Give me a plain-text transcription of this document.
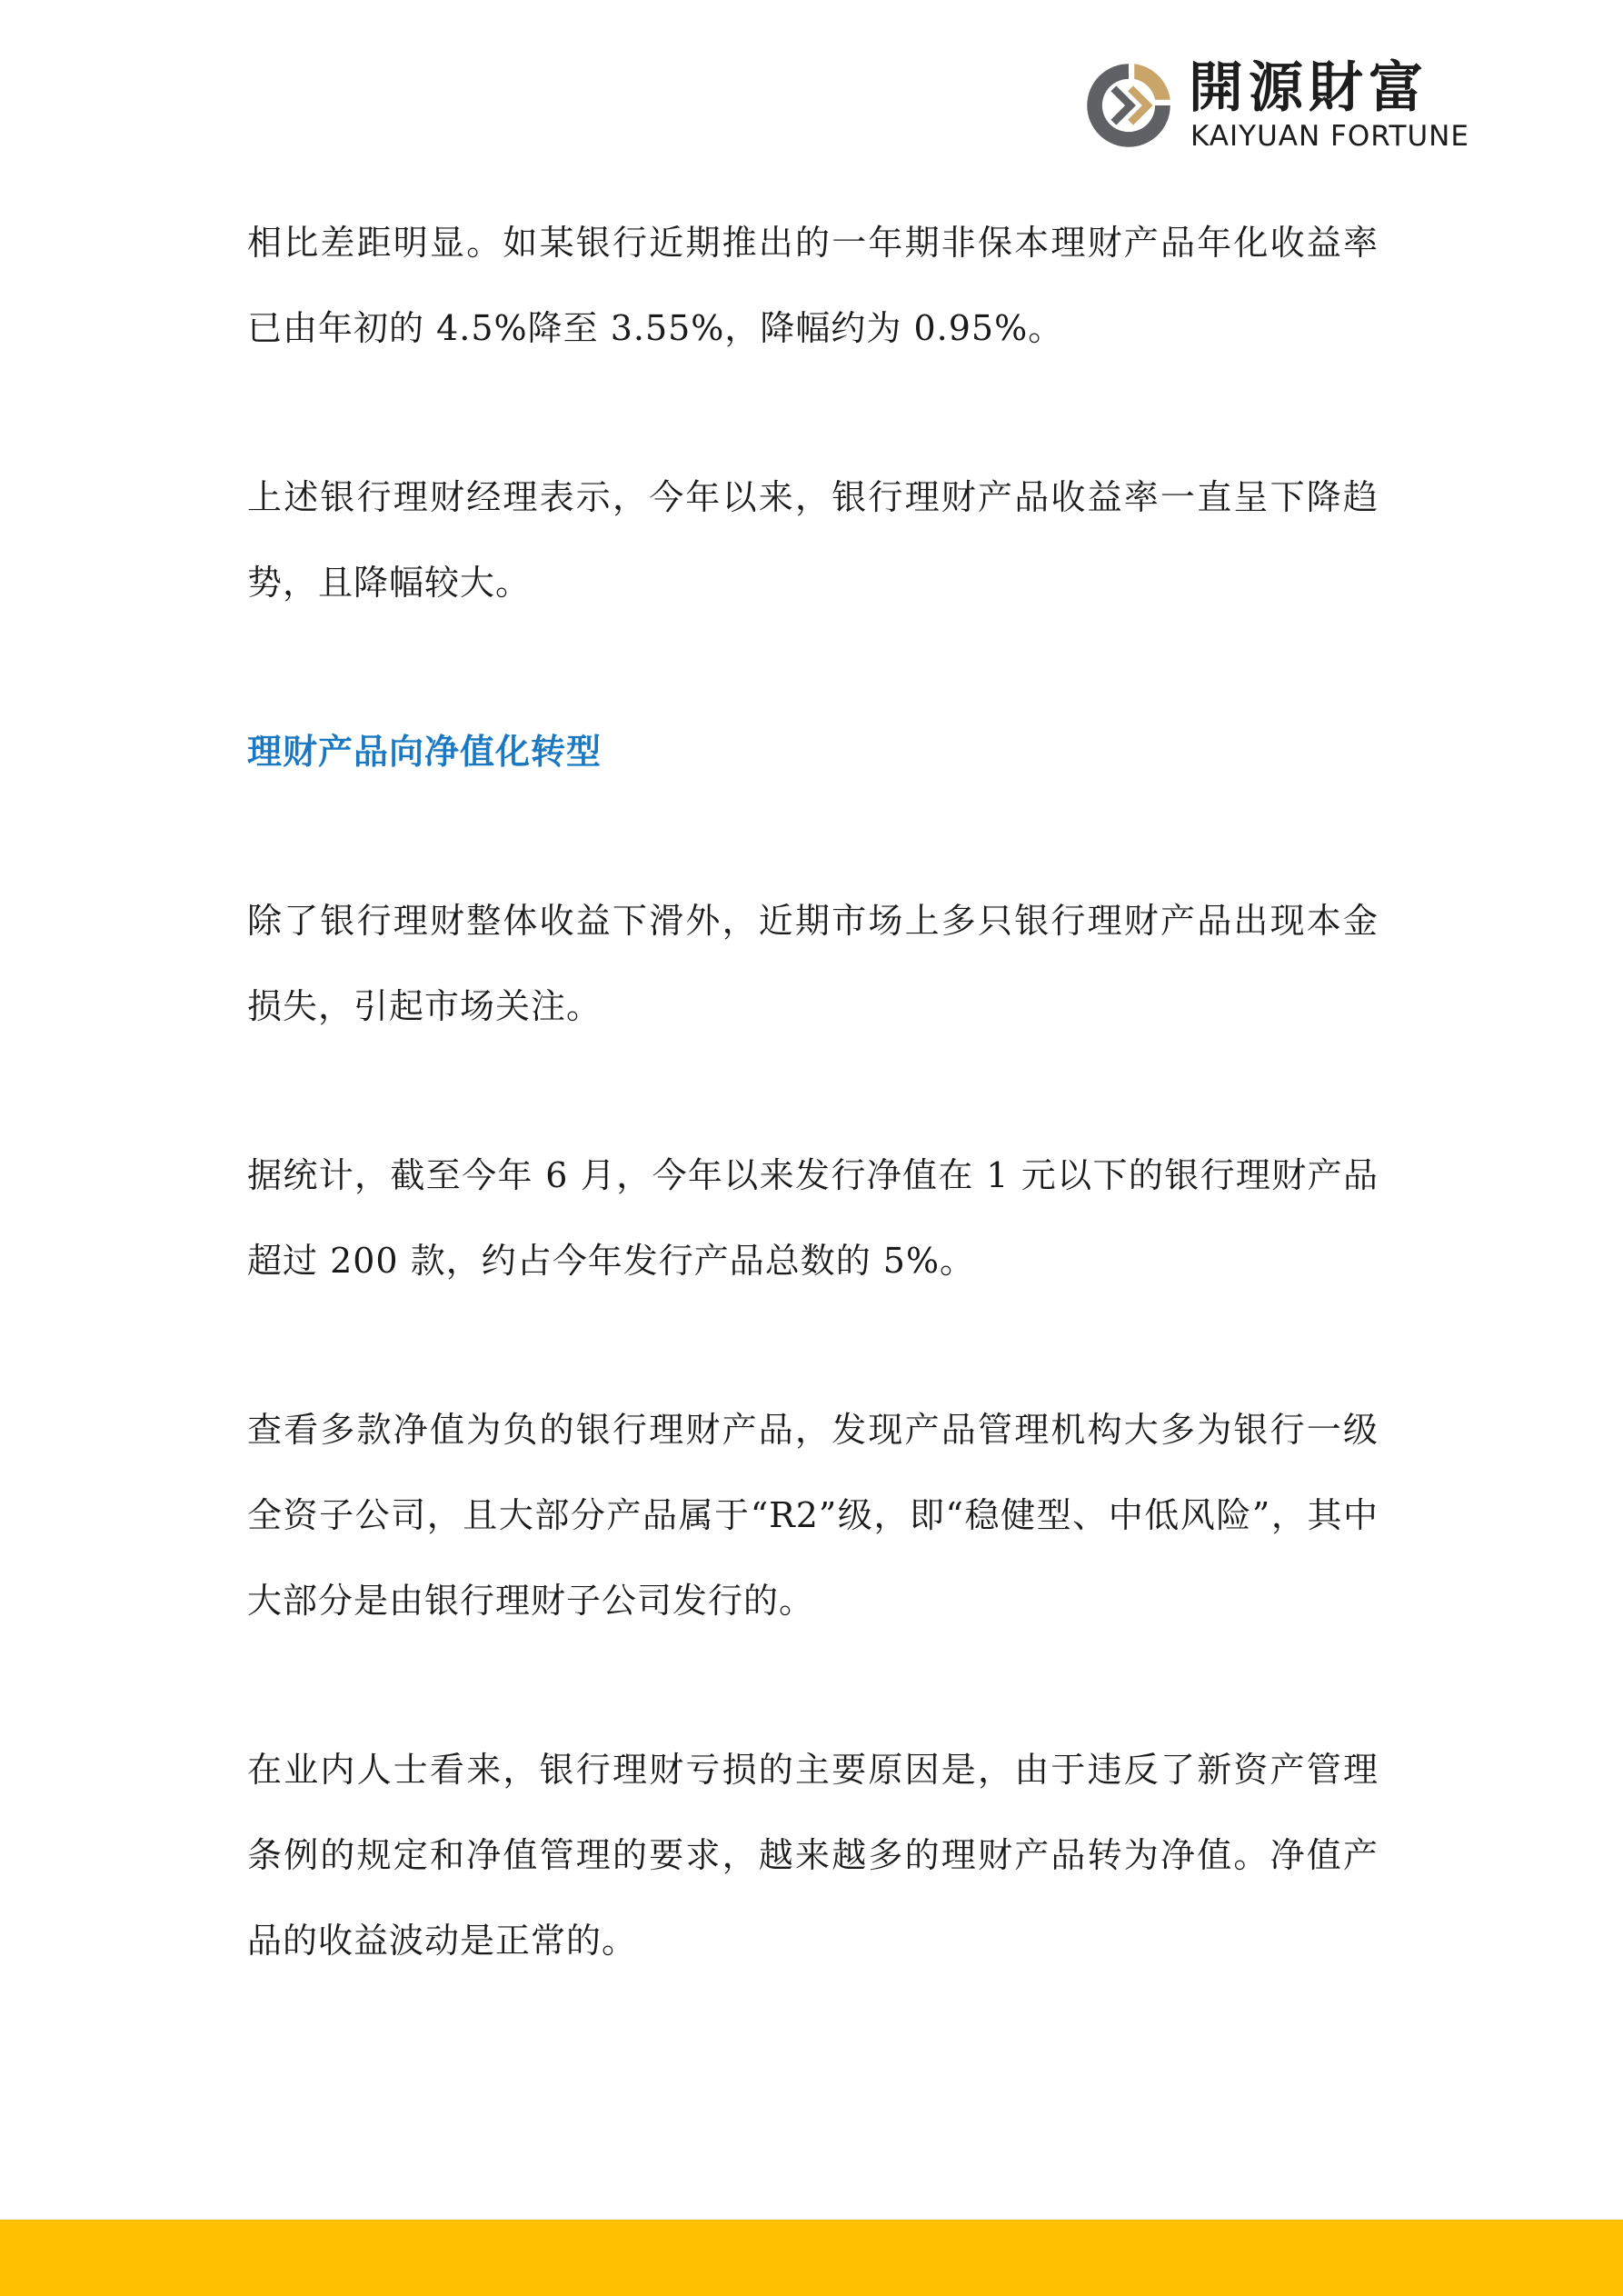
開源財富
KAIYUAN FORTUNE

相比差距明显。如某银行近期推出的一年期非保本理财产品年化收益率已由年初的 4.5%降至 3.55%，降幅约为 0.95%。

上述银行理财经理表示，今年以来，银行理财产品收益率一直呈下降趋势，且降幅较大。

理财产品向净值化转型

除了银行理财整体收益下滑外，近期市场上多只银行理财产品出现本金损失，引起市场关注。

据统计，截至今年 6 月，今年以来发行净值在 1 元以下的银行理财产品超过 200 款，约占今年发行产品总数的 5%。

查看多款净值为负的银行理财产品，发现产品管理机构大多为银行一级全资子公司，且大部分产品属于“R2”级，即“稳健型、中低风险”，其中大部分是由银行理财子公司发行的。

在业内人士看来，银行理财亏损的主要原因是，由于违反了新资产管理条例的规定和净值管理的要求，越来越多的理财产品转为净值。净值产品的收益波动是正常的。
